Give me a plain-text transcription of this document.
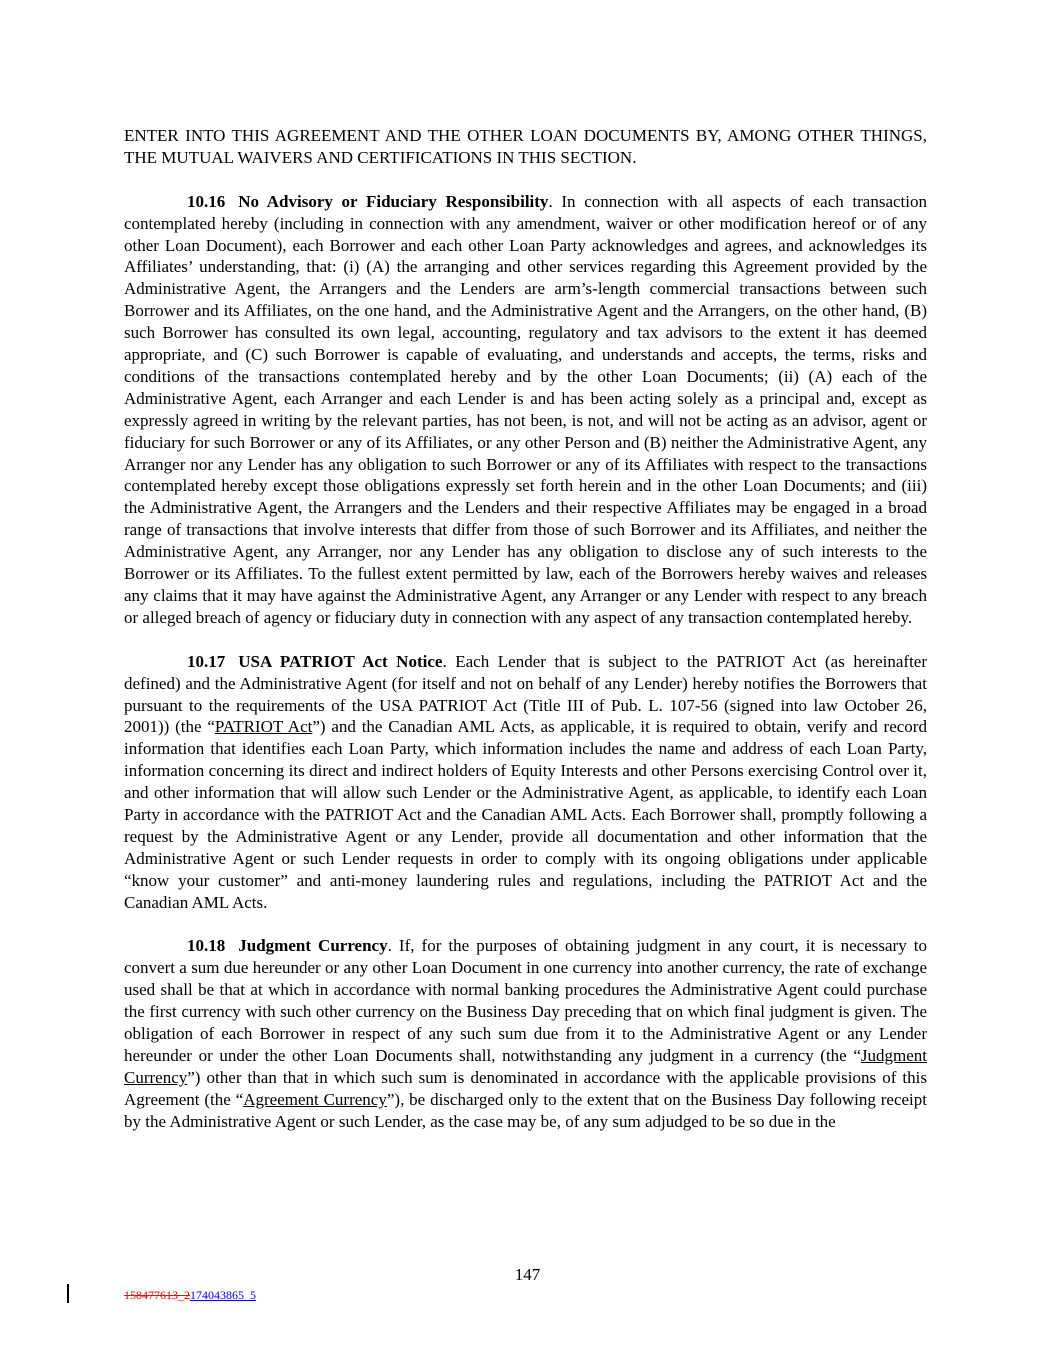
ENTER INTO THIS AGREEMENT AND THE OTHER LOAN DOCUMENTS BY, AMONG OTHER THINGS, THE MUTUAL WAIVERS AND CERTIFICATIONS IN THIS SECTION.

10.16 No Advisory or Fiduciary Responsibility. In connection with all aspects of each transaction contemplated hereby (including in connection with any amendment, waiver or other modification hereof or of any other Loan Document), each Borrower and each other Loan Party acknowledges and agrees, and acknowledges its Affiliates’ understanding, that: (i) (A) the arranging and other services regarding this Agreement provided by the Administrative Agent, the Arrangers and the Lenders are arm’s-length commercial transactions between such Borrower and its Affiliates, on the one hand, and the Administrative Agent and the Arrangers, on the other hand, (B) such Borrower has consulted its own legal, accounting, regulatory and tax advisors to the extent it has deemed appropriate, and (C) such Borrower is capable of evaluating, and understands and accepts, the terms, risks and conditions of the transactions contemplated hereby and by the other Loan Documents; (ii) (A) each of the Administrative Agent, each Arranger and each Lender is and has been acting solely as a principal and, except as expressly agreed in writing by the relevant parties, has not been, is not, and will not be acting as an advisor, agent or fiduciary for such Borrower or any of its Affiliates, or any other Person and (B) neither the Administrative Agent, any Arranger nor any Lender has any obligation to such Borrower or any of its Affiliates with respect to the transactions contemplated hereby except those obligations expressly set forth herein and in the other Loan Documents; and (iii) the Administrative Agent, the Arrangers and the Lenders and their respective Affiliates may be engaged in a broad range of transactions that involve interests that differ from those of such Borrower and its Affiliates, and neither the Administrative Agent, any Arranger, nor any Lender has any obligation to disclose any of such interests to the Borrower or its Affiliates. To the fullest extent permitted by law, each of the Borrowers hereby waives and releases any claims that it may have against the Administrative Agent, any Arranger or any Lender with respect to any breach or alleged breach of agency or fiduciary duty in connection with any aspect of any transaction contemplated hereby.

10.17 USA PATRIOT Act Notice. Each Lender that is subject to the PATRIOT Act (as hereinafter defined) and the Administrative Agent (for itself and not on behalf of any Lender) hereby notifies the Borrowers that pursuant to the requirements of the USA PATRIOT Act (Title III of Pub. L. 107-56 (signed into law October 26, 2001)) (the “PATRIOT Act”) and the Canadian AML Acts, as applicable, it is required to obtain, verify and record information that identifies each Loan Party, which information includes the name and address of each Loan Party, information concerning its direct and indirect holders of Equity Interests and other Persons exercising Control over it, and other information that will allow such Lender or the Administrative Agent, as applicable, to identify each Loan Party in accordance with the PATRIOT Act and the Canadian AML Acts. Each Borrower shall, promptly following a request by the Administrative Agent or any Lender, provide all documentation and other information that the Administrative Agent or such Lender requests in order to comply with its ongoing obligations under applicable “know your customer” and anti-money laundering rules and regulations, including the PATRIOT Act and the Canadian AML Acts.

10.18 Judgment Currency. If, for the purposes of obtaining judgment in any court, it is necessary to convert a sum due hereunder or any other Loan Document in one currency into another currency, the rate of exchange used shall be that at which in accordance with normal banking procedures the Administrative Agent could purchase the first currency with such other currency on the Business Day preceding that on which final judgment is given. The obligation of each Borrower in respect of any such sum due from it to the Administrative Agent or any Lender hereunder or under the other Loan Documents shall, notwithstanding any judgment in a currency (the “Judgment Currency”) other than that in which such sum is denominated in accordance with the applicable provisions of this Agreement (the “Agreement Currency”), be discharged only to the extent that on the Business Day following receipt by the Administrative Agent or such Lender, as the case may be, of any sum adjudged to be so due in the

147
158477613_2174043865_5
